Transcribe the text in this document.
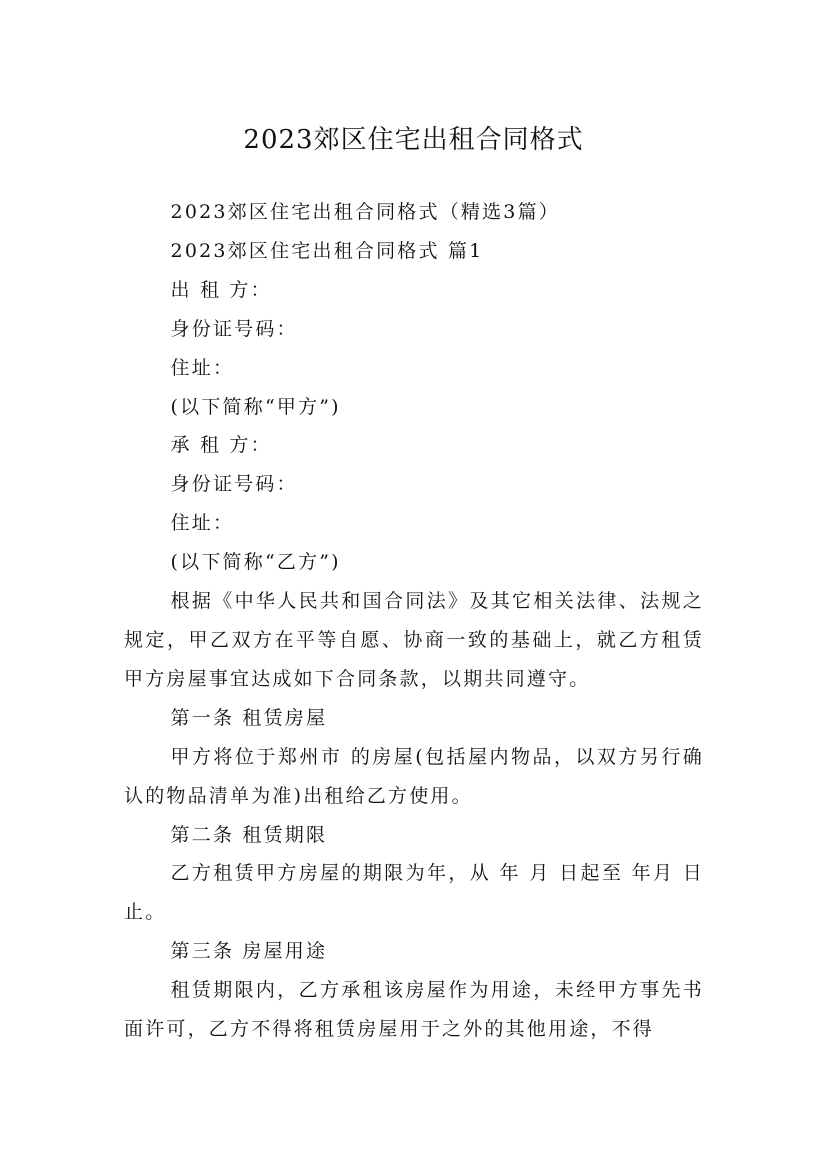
2023郊区住宅出租合同格式

2023郊区住宅出租合同格式（精选3篇）

2023郊区住宅出租合同格式 篇1

出 租 方：

身份证号码：

住址：

(以下简称“甲方”)

承 租 方：

身份证号码：

住址：

(以下简称“乙方”)

根据《中华人民共和国合同法》及其它相关法律、法规之规定，甲乙双方在平等自愿、协商一致的基础上，就乙方租赁甲方房屋事宜达成如下合同条款，以期共同遵守。

第一条 租赁房屋

甲方将位于郑州市 的房屋(包括屋内物品，以双方另行确认的物品清单为准)出租给乙方使用。

第二条 租赁期限

乙方租赁甲方房屋的期限为年，从 年 月 日起至 年月 日止。

第三条 房屋用途

租赁期限内，乙方承租该房屋作为用途，未经甲方事先书面许可，乙方不得将租赁房屋用于之外的其他用途，不得
